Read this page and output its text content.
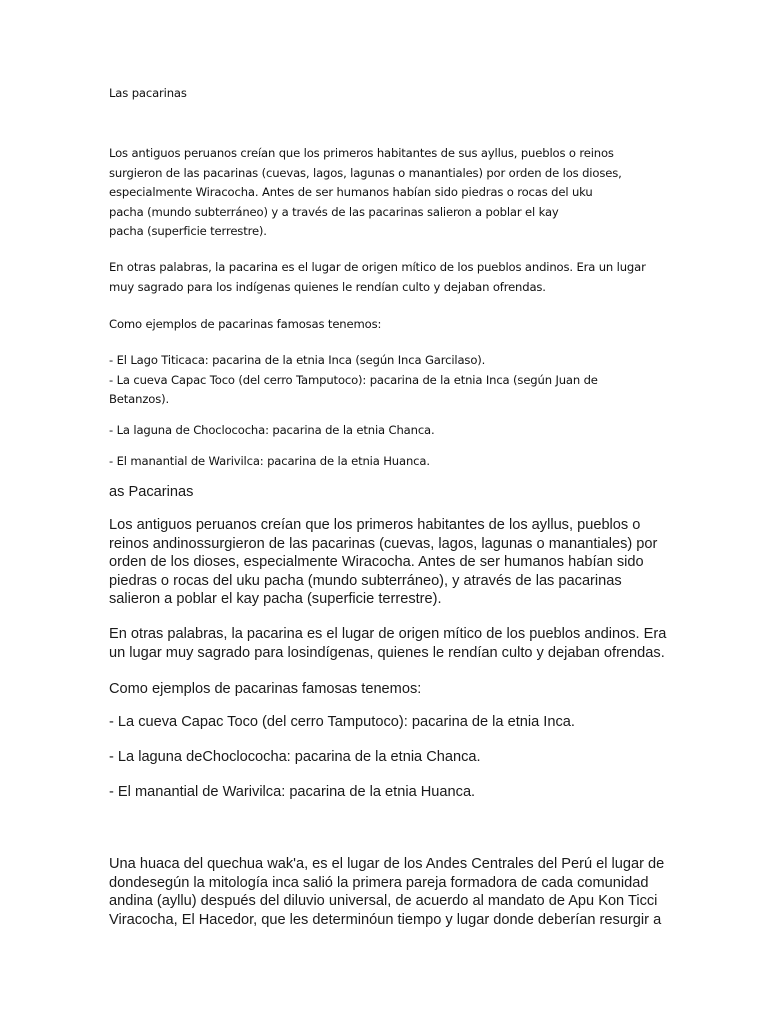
Las pacarinas

Los antiguos peruanos creían que los primeros habitantes de sus ayllus, pueblos o reinos
surgieron de las pacarinas (cuevas, lagos, lagunas o manantiales) por orden de los dioses,
especialmente Wiracocha. Antes de ser humanos habían sido piedras o rocas del uku
pacha (mundo subterráneo) y a través de las pacarinas salieron a poblar el kay
pacha (superficie terrestre).

En otras palabras, la pacarina es el lugar de origen mítico de los pueblos andinos. Era un lugar
muy sagrado para los indígenas quienes le rendían culto y dejaban ofrendas.

Como ejemplos de pacarinas famosas tenemos:

- El Lago Titicaca: pacarina de la etnia Inca (según Inca Garcilaso).
- La cueva Capac Toco (del cerro Tamputoco): pacarina de la etnia Inca (según Juan de
Betanzos).

- La laguna de Choclococha: pacarina de la etnia Chanca.

- El manantial de Warivilca: pacarina de la etnia Huanca.

as Pacarinas

Los antiguos peruanos creían que los primeros habitantes de los ayllus, pueblos o
reinos andinossurgieron de las pacarinas (cuevas, lagos, lagunas o manantiales) por
orden de los dioses, especialmente Wiracocha. Antes de ser humanos habían sido
piedras o rocas del uku pacha (mundo subterráneo), y através de las pacarinas
salieron a poblar el kay pacha (superficie terrestre).

En otras palabras, la pacarina es el lugar de origen mítico de los pueblos andinos. Era
un lugar muy sagrado para losindígenas, quienes le rendían culto y dejaban ofrendas.

Como ejemplos de pacarinas famosas tenemos:

- La cueva Capac Toco (del cerro Tamputoco): pacarina de la etnia Inca.

- La laguna deChoclococha: pacarina de la etnia Chanca.

- El manantial de Warivilca: pacarina de la etnia Huanca.

Una huaca del quechua wak'a, es el lugar de los Andes Centrales del Perú el lugar de
dondesegún la mitología inca salió la primera pareja formadora de cada comunidad
andina (ayllu) después del diluvio universal, de acuerdo al mandato de Apu Kon Ticci
Viracocha, El Hacedor, que les determinóun tiempo y lugar donde deberían resurgir a
